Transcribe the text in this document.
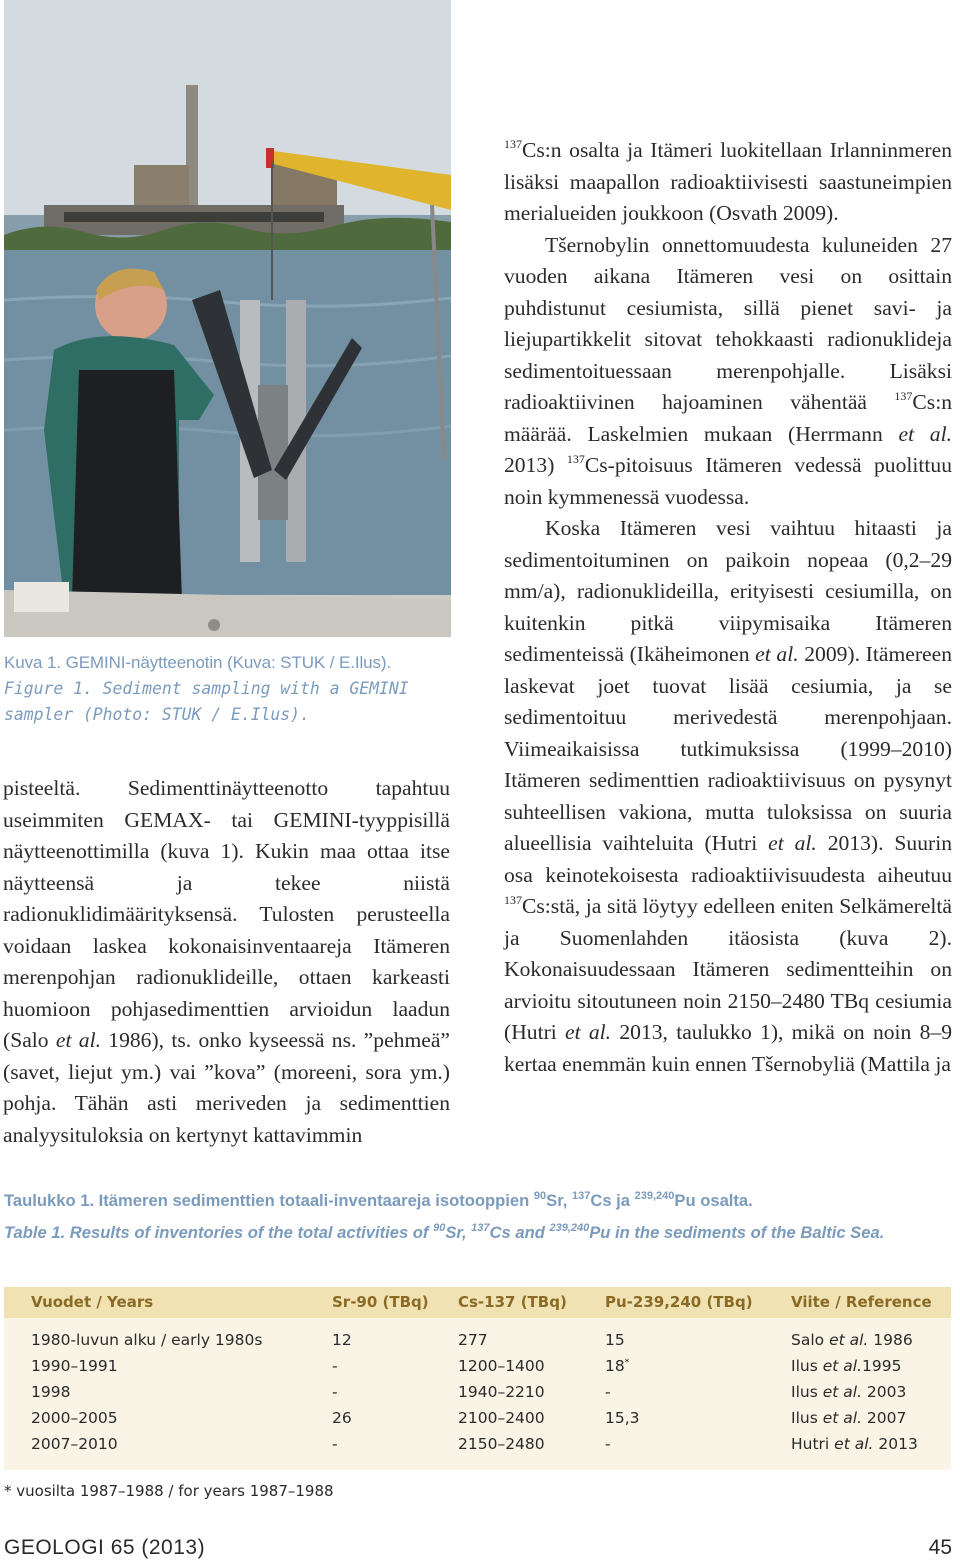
Kuva 1. GEMINI-näytteenotin (Kuva: STUK / E.Ilus).
Figure 1. Sediment sampling with a GEMINI sampler (Photo: STUK / E.Ilus).

pisteeltä. Sedimenttinäytteenotto tapahtuu useimmiten GEMAX- tai GEMINI-tyyppisillä näytteenottimilla (kuva 1). Kukin maa ottaa itse näytteensä ja tekee niistä radionuklidimäärityksensä. Tulosten perusteella voidaan laskea kokonaisinventaareja Itämeren merenpohjan radionuklideille, ottaen karkeasti huomioon pohjasedimenttien arvioidun laadun (Salo et al. 1986), ts. onko kyseessä ns. ”pehmeä” (savet, liejut ym.) vai ”kova” (moreeni, sora ym.) pohja. Tähän asti meriveden ja sedimenttien analyysituloksia on kertynyt kattavimmin

$^{137}$Cs:n osalta ja Itämeri luokitellaan Irlanninmeren lisäksi maapallon radioaktiivisesti saastuneimpien merialueiden joukkoon (Osvath 2009).

Tšernobylin onnettomuudesta kuluneiden 27 vuoden aikana Itämeren vesi on osittain puhdistunut cesiumista, sillä pienet savi- ja liejupartikkelit sitovat tehokkaasti radionuklideja sedimentoituessaan merenpohjalle. Lisäksi radioaktiivinen hajoaminen vähentää $^{137}$Cs:n määrää. Laskelmien mukaan (Herrmann et al. 2013) $^{137}$Cs-pitoisuus Itämeren vedessä puolittuu noin kymmenessä vuodessa.

Koska Itämeren vesi vaihtuu hitaasti ja sedimentoituminen on paikoin nopeaa (0,2–29 mm/a), radionuklideilla, erityisesti cesiumilla, on kuitenkin pitkä viipymisaika Itämeren sedimenteissä (Ikäheimonen et al. 2009). Itämereen laskevat joet tuovat lisää cesiumia, ja se sedimentoituu merivedestä merenpohjaan. Viimeaikaisissa tutkimuksissa (1999–2010) Itämeren sedimenttien radioaktiivisuus on pysynyt suhteellisen vakiona, mutta tuloksissa on suuria alueellisia vaihteluita (Hutri et al. 2013). Suurin osa keinotekoisesta radioaktiivisuudesta aiheutuu $^{137}$Cs:stä, ja sitä löytyy edelleen eniten Selkämereltä ja Suomenlahden itäosista (kuva 2). Kokonaisuudessaan Itämeren sedimentteihin on arvioitu sitoutuneen noin 2150–2480 TBq cesiumia (Hutri et al. 2013, taulukko 1), mikä on noin 8–9 kertaa enemmän kuin ennen Tšernobyliä (Mattila ja

Taulukko 1. Itämeren sedimenttien totaali-inventaareja isotooppien $^{90}$Sr, $^{137}$Cs ja $^{239,240}$Pu osalta.
Table 1. Results of inventories of the total activities of $^{90}$Sr, $^{137}$Cs and $^{239,240}$Pu in the sediments of the Baltic Sea.
Vuodet / Years	Sr-90 (TBq) Cs-137 (TBq)	Pu-239,240 (TBq)	Viite / Reference
1980-luvun alku / early 1980s	12	277	15	Salo et al. 1986
1990–1991	-	1200–1400	18*	Ilus et al.1995
1998	-	1940–2210	-	Ilus et al. 2003
2000–2005	26	2100–2400	15,3	Ilus et al. 2007
2007–2010	-	2150–2480	-	Hutri et al. 2013
* vuosilta 1987–1988 / for years 1987–1988
GEOLOGI 65 (2013)	45
